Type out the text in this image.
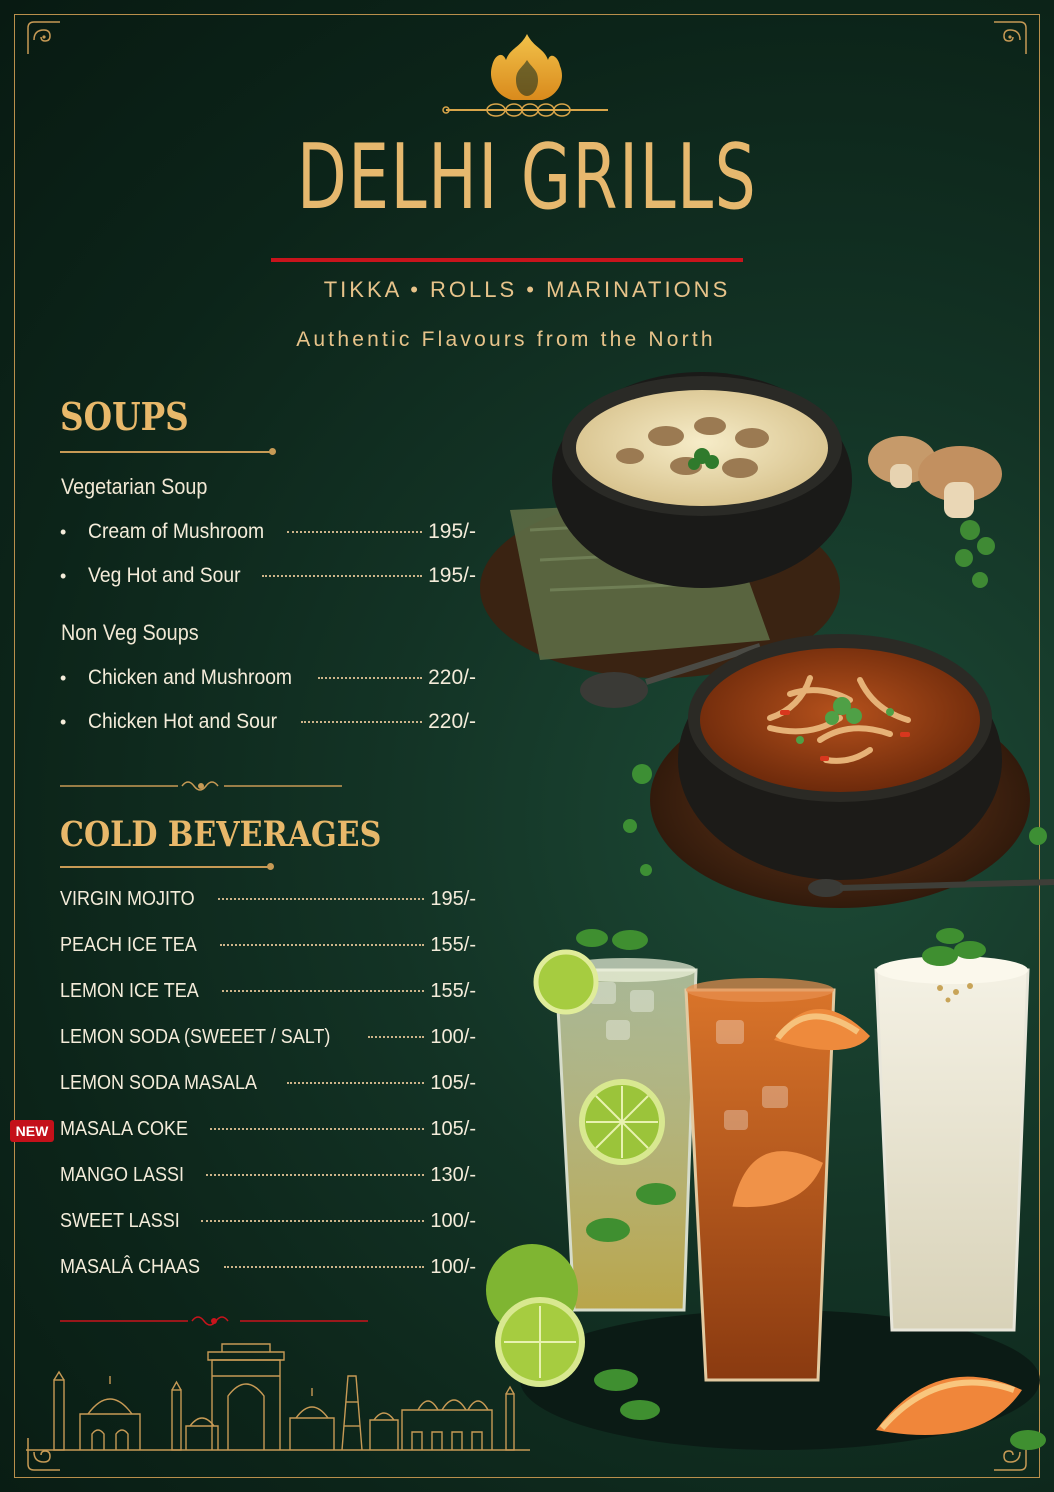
DELHI GRILLS
TIKKA • ROLLS • MARINATIONS
Authentic Flavours from the North
SOUPS
Vegetarian Soup
•	Cream of Mushroom	195/-
•	Veg Hot and Sour	195/-
Non Veg Soups
•	Chicken and Mushroom	220/-
•	Chicken Hot and Sour	220/-
COLD BEVERAGES
NEW
VIRGIN MOJITO	195/-
PEACH ICE TEA	155/-
LEMON ICE TEA	155/-
LEMON SODA (SWEEET / SALT)	100/-
LEMON SODA MASALA	105/-
MASALA COKE	105/-
MANGO LASSI	130/-
SWEET LASSI	100/-
MASALÂ CHAAS	100/-
